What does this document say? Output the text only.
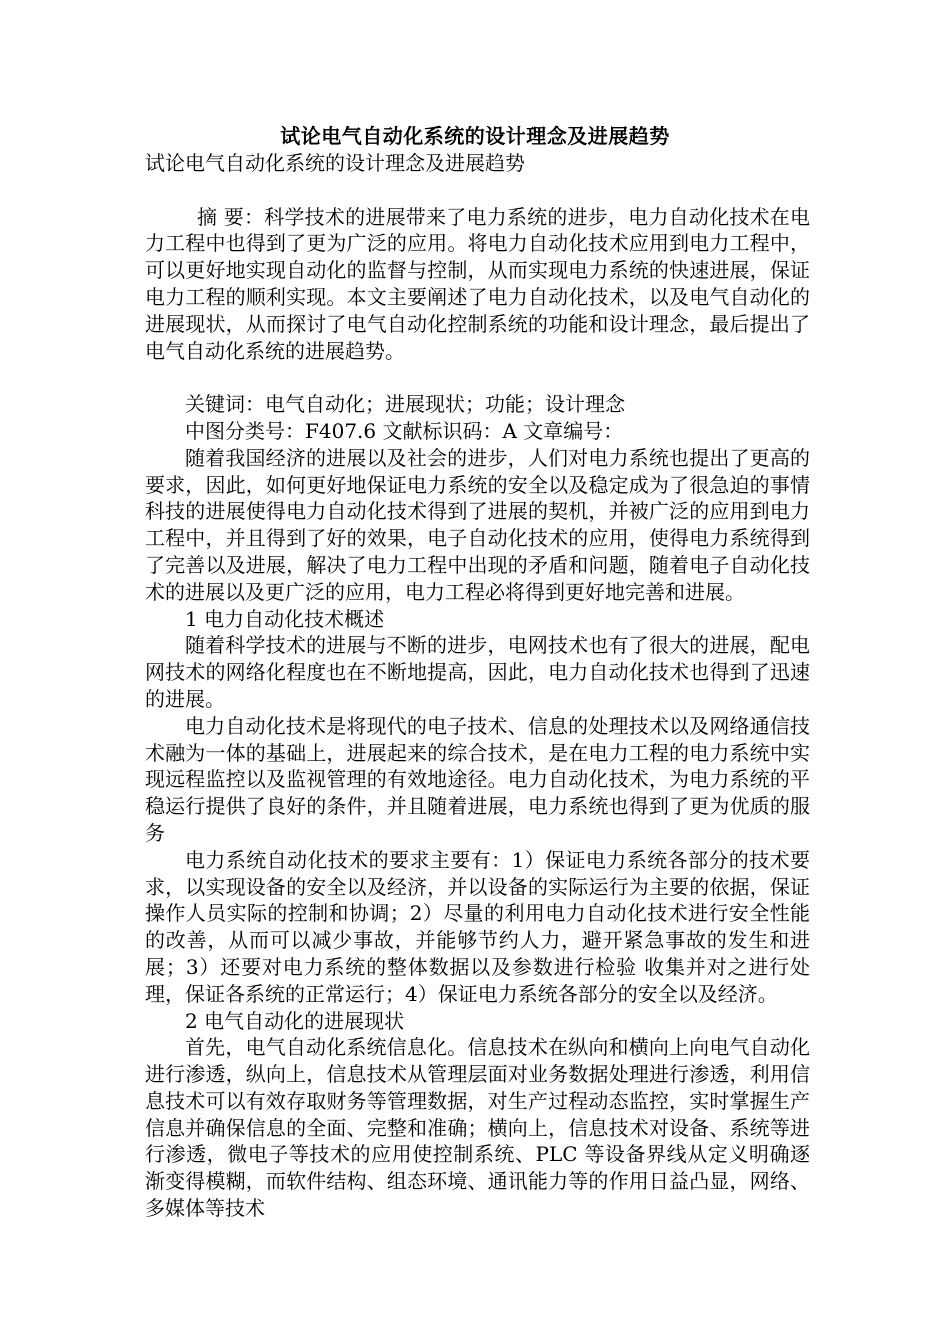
试论电气自动化系统的设计理念及进展趋势

试论电气自动化系统的设计理念及进展趋势

摘 要：科学技术的进展带来了电力系统的进步，电力自动化技术在电力工程中也得到了更为广泛的应用。将电力自动化技术应用到电力工程中，可以更好地实现自动化的监督与控制，从而实现电力系统的快速进展，保证电力工程的顺利实现。本文主要阐述了电力自动化技术，以及电气自动化的进展现状，从而探讨了电气自动化控制系统的功能和设计理念，最后提出了电气自动化系统的进展趋势。

关键词：电气自动化；进展现状；功能；设计理念

中图分类号：F407.6 文献标识码：A 文章编号：

随着我国经济的进展以及社会的进步，人们对电力系统也提出了更高的要求，因此，如何更好地保证电力系统的安全以及稳定成为了很急迫的事情 科技的进展使得电力自动化技术得到了进展的契机，并被广泛的应用到电力工程中，并且得到了好的效果，电子自动化技术的应用，使得电力系统得到了完善以及进展，解决了电力工程中出现的矛盾和问题，随着电子自动化技术的进展以及更广泛的应用，电力工程必将得到更好地完善和进展。

1 电力自动化技术概述

随着科学技术的进展与不断的进步，电网技术也有了很大的进展，配电网技术的网络化程度也在不断地提高，因此，电力自动化技术也得到了迅速的进展。

电力自动化技术是将现代的电子技术、信息的处理技术以及网络通信技术融为一体的基础上，进展起来的综合技术，是在电力工程的电力系统中实现远程监控以及监视管理的有效地途径。电力自动化技术，为电力系统的平稳运行提供了良好的条件，并且随着进展，电力系统也得到了更为优质的服务

电力系统自动化技术的要求主要有：1）保证电力系统各部分的技术要求，以实现设备的安全以及经济，并以设备的实际运行为主要的依据，保证操作人员实际的控制和协调；2）尽量的利用电力自动化技术进行安全性能的改善，从而可以减少事故，并能够节约人力，避开紧急事故的发生和进展；3）还要对电力系统的整体数据以及参数进行检验 收集并对之进行处理，保证各系统的正常运行；4）保证电力系统各部分的安全以及经济。

2 电气自动化的进展现状

首先，电气自动化系统信息化。信息技术在纵向和横向上向电气自动化进行渗透，纵向上，信息技术从管理层面对业务数据处理进行渗透，利用信息技术可以有效存取财务等管理数据，对生产过程动态监控，实时掌握生产信息并确保信息的全面、完整和准确；横向上，信息技术对设备、系统等进行渗透，微电子等技术的应用使控制系统、PLC 等设备界线从定义明确逐渐变得模糊，而软件结构、组态环境、通讯能力等的作用日益凸显，网络、多媒体等技术
